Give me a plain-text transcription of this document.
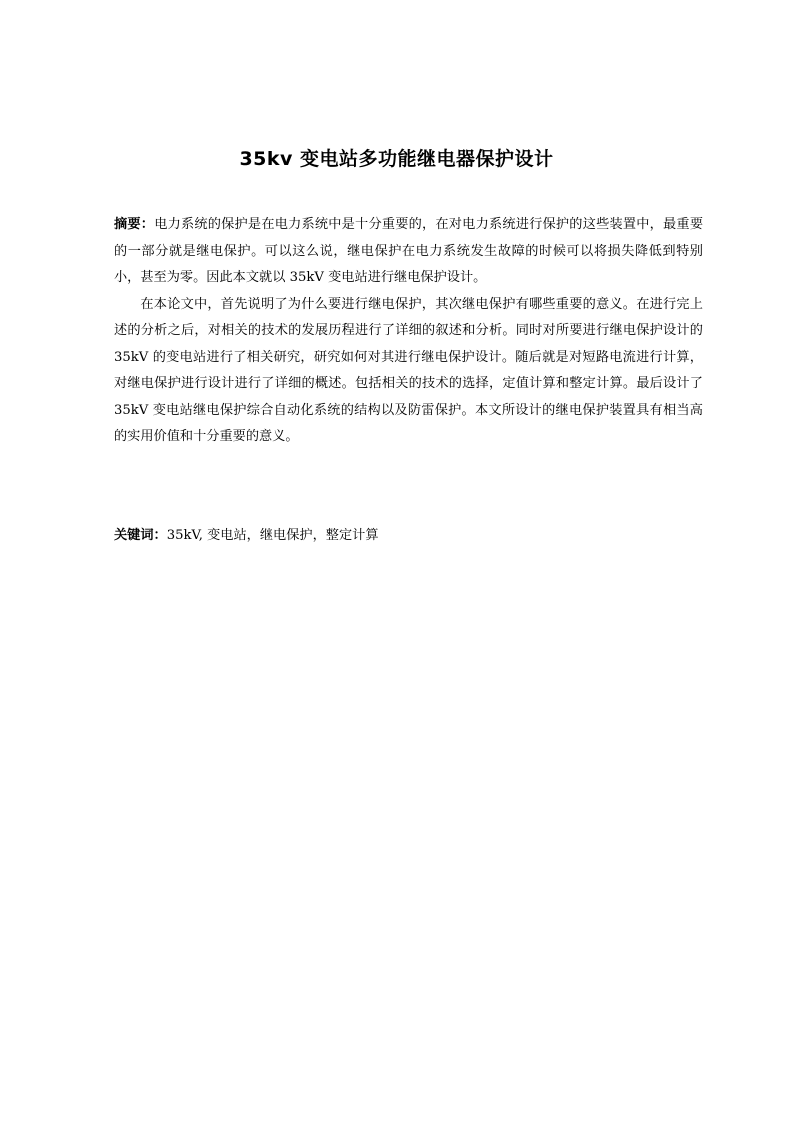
35kv 变电站多功能继电器保护设计

摘要：电力系统的保护是在电力系统中是十分重要的，在对电力系统进行保护的这些装置中，最重要的一部分就是继电保护。可以这么说，继电保护在电力系统发生故障的时候可以将损失降低到特别小，甚至为零。因此本文就以 35kV 变电站进行继电保护设计。

在本论文中，首先说明了为什么要进行继电保护，其次继电保护有哪些重要的意义。在进行完上述的分析之后，对相关的技术的发展历程进行了详细的叙述和分析。同时对所要进行继电保护设计的 35kV 的变电站进行了相关研究，研究如何对其进行继电保护设计。随后就是对短路电流进行计算，对继电保护进行设计进行了详细的概述。包括相关的技术的选择，定值计算和整定计算。最后设计了 35kV 变电站继电保护综合自动化系统的结构以及防雷保护。本文所设计的继电保护装置具有相当高的实用价值和十分重要的意义。

关键词：35kV, 变电站，继电保护，整定计算
